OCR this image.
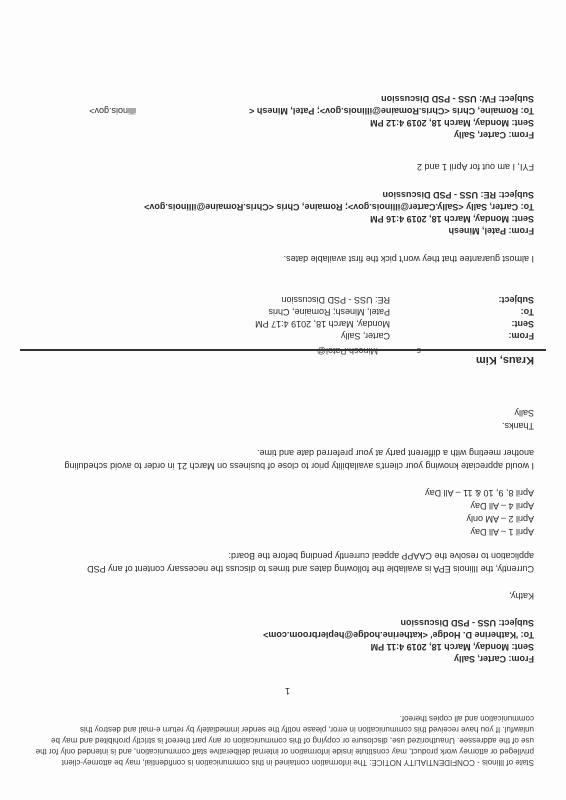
State of Illinois - CONFIDENTIALITY NOTICE: The information contained in this communication is confidential, may be attorney-client privileged or attorney work product, may constitute inside information or internal deliberative staff communication, and is intended only for the use of the addressee. Unauthorized use, disclosure or copying of this communication or any part thereof is strictly prohibited and may be unlawful. If you have received this communication in error, please notify the sender immediately by return e-mail and destroy this communication and all copies thereof.
1
From: Carter, Sally
Sent: Monday, March 18, 2019 4:11 PM
To: 'Katherine D. Hodge' <katherine.hodge@heplerbroom.com>
Subject: USS - PSD Discussion
Kathy,
Currently, the Illinois EPA is available the following dates and times to discuss the necessary content of any PSD
application to resolve the CAAPP appeal currently pending before the Board:
April 1 – All Day
April 2 – AM only
April 4 – All Day
April 8, 9, 10 & 11 – All Day
I would appreciate knowing your client's availability prior to close of business on March 21 in order to avoid scheduling
another meeting with a different party at your preferred date and time.
Thanks.
Sally
Kraus, Kim
s
Minesh.Patel@
From:
Carter, Sally
Sent:
Monday, March 18, 2019 4:17 PM
To:
Patel, Minesh; Romaine, Chris
Subject:
RE: USS - PSD Discussion
I almost guarantee that they won't pick the first available dates.
From: Patel, Minesh
Sent: Monday, March 18, 2019 4:16 PM
To: Carter, Sally <Sally.Carter@illinois.gov>; Romaine, Chris <Chris.Romaine@illinois.gov>
Subject: RE: USS - PSD Discussion
FYI, I am out for April 1 and 2
From: Carter, Sally
Sent: Monday, March 18, 2019 4:12 PM
To: Romaine, Chris <Chris.Romaine@illinois.gov>; Patel, Minesh <
illinois.gov>
Subject: FW: USS - PSD Discussion
